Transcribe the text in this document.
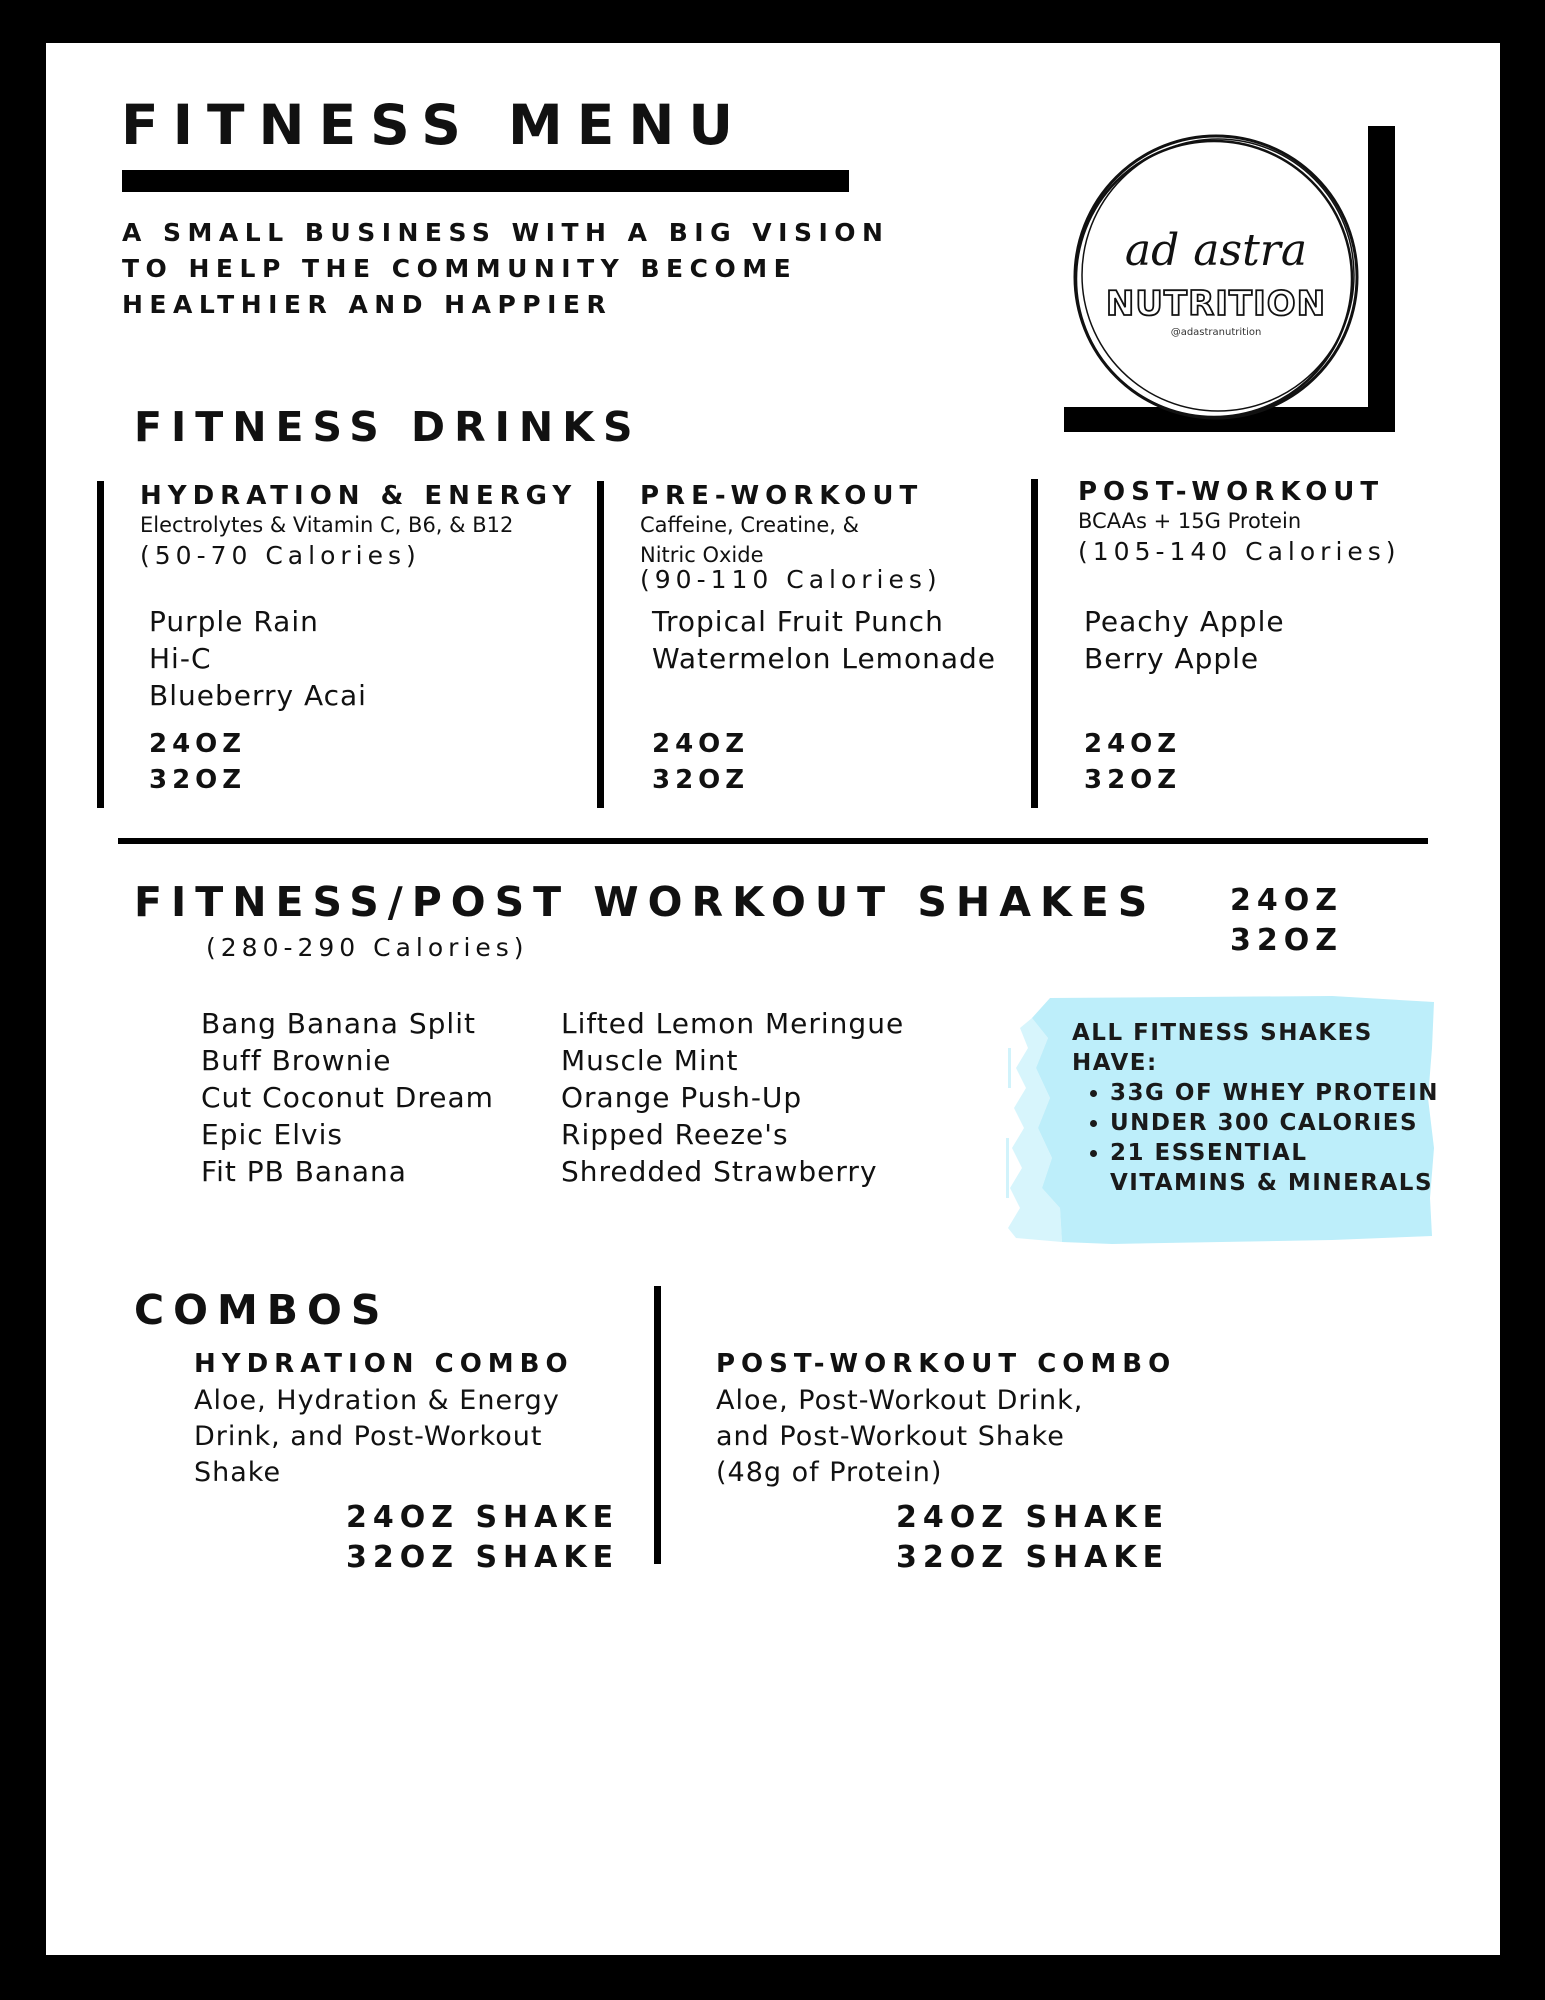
FITNESS MENU
A SMALL BUSINESS WITH A BIG VISION
TO HELP THE COMMUNITY BECOME
HEALTHIER AND HAPPIER
ad astra
NUTRITION
@adastranutrition
FITNESS DRINKS
HYDRATION & ENERGY
Electrolytes & Vitamin C, B6, & B12
(50-70 Calories)
Purple Rain
Hi-C
Blueberry Acai
24OZ
32OZ
PRE-WORKOUT
Caffeine, Creatine, &
Nitric Oxide
(90-110 Calories)
Tropical Fruit Punch
Watermelon Lemonade
24OZ
32OZ
POST-WORKOUT
BCAAs + 15G Protein
(105-140 Calories)
Peachy Apple
Berry Apple
24OZ
32OZ
FITNESS/POST WORKOUT SHAKES
(280-290 Calories)
24OZ
32OZ
Bang Banana Split
Buff Brownie
Cut Coconut Dream
Epic Elvis
Fit PB Banana
Lifted Lemon Meringue
Muscle Mint
Orange Push-Up
Ripped Reeze's
Shredded Strawberry
ALL FITNESS SHAKES
HAVE:
• 33G OF WHEY PROTEIN
• UNDER 300 CALORIES
• 21 ESSENTIAL
VITAMINS & MINERALS
COMBOS
HYDRATION COMBO
Aloe, Hydration & Energy
Drink, and Post-Workout
Shake
24OZ SHAKE
32OZ SHAKE
POST-WORKOUT COMBO
Aloe, Post-Workout Drink,
and Post-Workout Shake
(48g of Protein)
24OZ SHAKE
32OZ SHAKE
